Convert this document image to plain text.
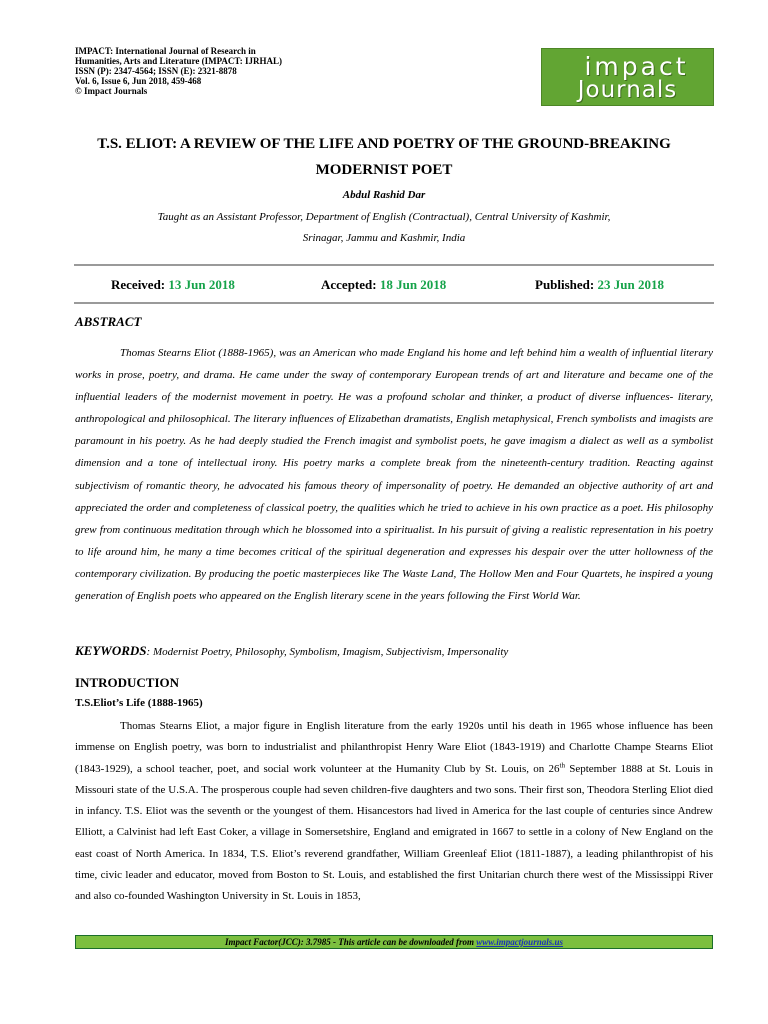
IMPACT: International Journal of Research in
Humanities, Arts and Literature (IMPACT: IJRHAL)
ISSN (P): 2347-4564; ISSN (E): 2321-8878
Vol. 6, Issue 6, Jun 2018, 459-468
© Impact Journals
impact
Journals
T.S. ELIOT: A REVIEW OF THE LIFE AND POETRY OF THE GROUND-BREAKING
MODERNIST POET
Abdul Rashid Dar
Taught as an Assistant Professor, Department of English (Contractual), Central University of Kashmir,
Srinagar, Jammu and Kashmir, India
Received: 13 Jun 2018	Accepted: 18 Jun 2018	Published: 23 Jun 2018
ABSTRACT
Thomas Stearns Eliot (1888-1965), was an American who made England his home and left behind him a wealth of influential literary works in prose, poetry, and drama. He came under the sway of contemporary European trends of art and literature and became one of the influential leaders of the modernist movement in poetry. He was a profound scholar and thinker, a product of diverse influences- literary, anthropological and philosophical. The literary influences of Elizabethan dramatists, English metaphysical, French symbolists and imagists are paramount in his poetry. As he had deeply studied the French imagist and symbolist poets, he gave imagism a dialect as well as a symbolist dimension and a tone of intellectual irony. His poetry marks a complete break from the nineteenth-century tradition. Reacting against subjectivism of romantic theory, he advocated his famous theory of impersonality of poetry. He demanded an objective authority of art and appreciated the order and completeness of classical poetry, the qualities which he tried to achieve in his own practice as a poet. His philosophy grew from continuous meditation through which he blossomed into a spiritualist. In his pursuit of giving a realistic representation in his poetry to life around him, he many a time becomes critical of the spiritual degeneration and expresses his despair over the utter hollowness of the contemporary civilization. By producing the poetic masterpieces like The Waste Land, The Hollow Men and Four Quartets, he inspired a young generation of English poets who appeared on the English literary scene in the years following the First World War.
KEYWORDS: Modernist Poetry, Philosophy, Symbolism, Imagism, Subjectivism, Impersonality
INTRODUCTION
T.S.Eliot’s Life (1888-1965)
Thomas Stearns Eliot, a major figure in English literature from the early 1920s until his death in 1965 whose influence has been immense on English poetry, was born to industrialist and philanthropist Henry Ware Eliot (1843-1919) and Charlotte Champe Stearns Eliot (1843-1929), a school teacher, poet, and social work volunteer at the Humanity Club by St. Louis, on 26th September 1888 at St. Louis in Missouri state of the U.S.A. The prosperous couple had seven children-five daughters and two sons. Their first son, Theodora Sterling Eliot died in infancy. T.S. Eliot was the seventh or the youngest of them. Hisancestors had lived in America for the last couple of centuries since Andrew Elliott, a Calvinist had left East Coker, a village in Somersetshire, England and emigrated in 1667 to settle in a colony of New England on the east coast of North America. In 1834, T.S. Eliot’s reverend grandfather, William Greenleaf Eliot (1811-1887), a leading philanthropist of his time, civic leader and educator, moved from Boston to St. Louis, and established the first Unitarian church there west of the Mississippi River and also co-founded Washington University in St. Louis in 1853,
Impact Factor(JCC): 3.7985 - This article can be downloaded from www.impactjournals.us
